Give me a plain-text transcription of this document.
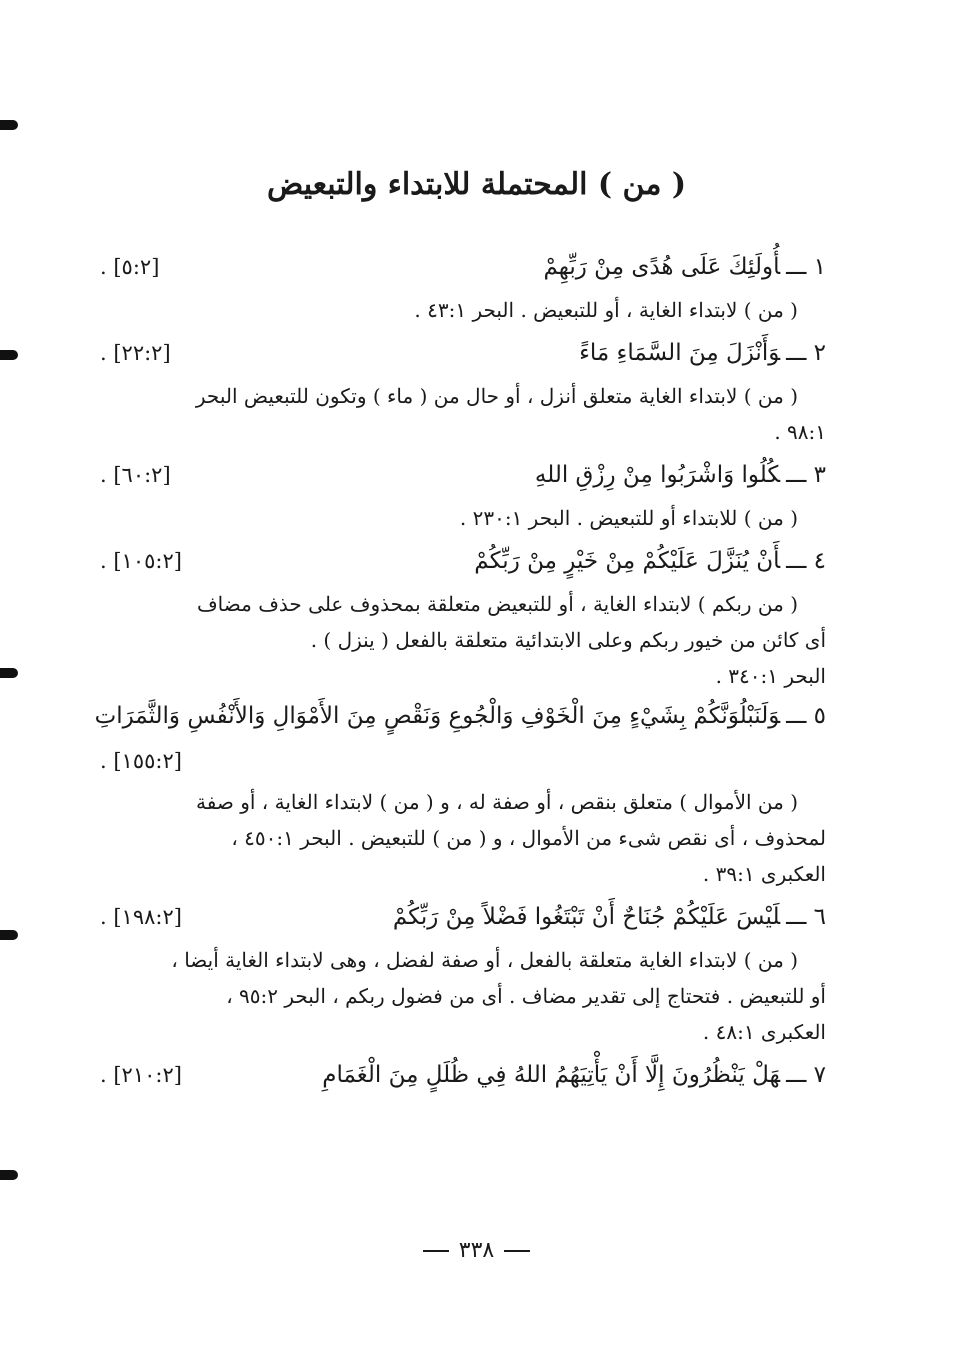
( من ) المحتملة للابتداء والتبعيض
١ ـــأُولَئِكَ عَلَى هُدًى مِنْ رَبِّهِمْ
[٥:٢] .

( من ) لابتداء الغاية ، أو للتبعيض . البحر ٤٣:١ .

٢ ـــوَأَنْزَلَ مِنَ السَّمَاءِ مَاءً
[٢٢:٢] .

( من ) لابتداء الغاية متعلق أنزل ، أو حال من ( ماء ) وتكون للتبعيض البحر
٩٨:١ .

٣ ـــكُلُوا وَاشْرَبُوا مِنْ رِزْقِ اللهِ
[٦٠:٢] .

( من ) للابتداء أو للتبعيض . البحر ٢٣٠:١ .

٤ ـــأَنْ يُنَزَّلَ عَلَيْكُمْ مِنْ خَيْرٍ مِنْ رَبِّكُمْ
[١٠٥:٢] .

( من ربكم ) لابتداء الغاية ، أو للتبعيض متعلقة بمحذوف على حذف مضاف
أى كائن من خيور ربكم وعلى الابتدائية متعلقة بالفعل ( ينزل ) .
البحر ٣٤٠:١ .

٥ ـــوَلَنَبْلُوَنَّكُمْ بِشَيْءٍ مِنَ الْخَوْفِ وَالْجُوعِ وَنَقْصٍ مِنَ الأَمْوَالِ وَالأَنْفُسِ وَالثَّمَرَاتِ
[١٥٥:٢] .

( من الأموال ) متعلق بنقص ، أو صفة له ، و ( من ) لابتداء الغاية ، أو صفة
لمحذوف ، أى نقص شىء من الأموال ، و ( من ) للتبعيض . البحر ٤٥٠:١ ،
العكبرى ٣٩:١ .

٦ ـــلَيْسَ عَلَيْكُمْ جُنَاحٌ أَنْ تَبْتَغُوا فَضْلاً مِنْ رَبِّكُمْ
[١٩٨:٢] .

( من ) لابتداء الغاية متعلقة بالفعل ، أو صفة لفضل ، وهى لابتداء الغاية أيضا ،
أو للتبعيض . فتحتاج إلى تقدير مضاف . أى من فضول ربكم ، البحر ٩٥:٢ ،
العكبرى ٤٨:١ .

٧ ـــهَلْ يَنْظُرُونَ إِلَّا أَنْ يَأْتِيَهُمُ اللهُ فِي ظُلَلٍ مِنَ الْغَمَامِ
[٢١٠:٢] .
٣٣٨
